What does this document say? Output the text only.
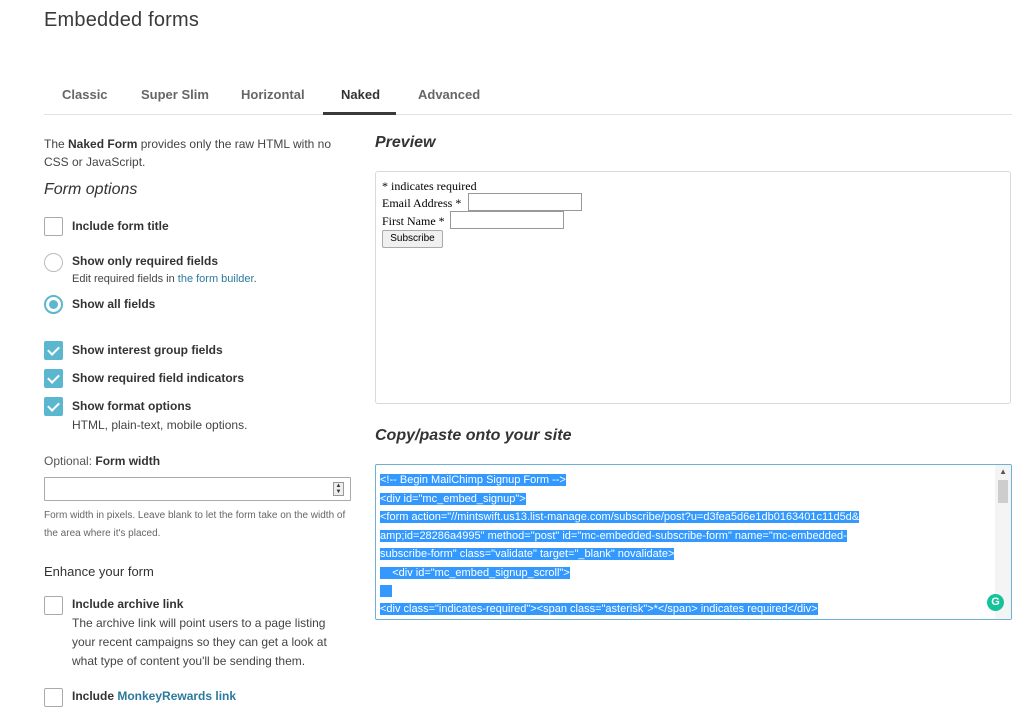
Embedded forms
Classic	Super Slim Horizontal	Naked	Advanced
The Naked Form provides only the raw HTML with no CSS or JavaScript.
Form options
Include form title
Show only required fields
Edit required fields in the form builder.
Show all fields
Show interest group fields
Show required field indicators
Show format options
HTML, plain-text, mobile options.
Optional: Form width
▲
▼
Form width in pixels. Leave blank to let the form take on the width of the area where it's placed.
Enhance your form
Include archive link
The archive link will point users to a page listing your recent campaigns so they can get a look at what type of content you'll be sending them.
Include MonkeyRewards link
Preview
* indicates required
Email Address *
First Name *
Subscribe
Copy/paste onto your site
<!-- Begin MailChimp Signup Form -->
<div id="mc_embed_signup">
<form action="//mintswift.us13.list-manage.com/subscribe/post?u=d3fea5d6e1db0163401c11d5d&
amp;id=28286a4995" method="post" id="mc-embedded-subscribe-form" name="mc-embedded-
subscribe-form" class="validate" target="_blank" novalidate>
<div id="mc_embed_signup_scroll">

<div class="indicates-required"><span class="asterisk">*</span> indicates required</div>
▲
G
